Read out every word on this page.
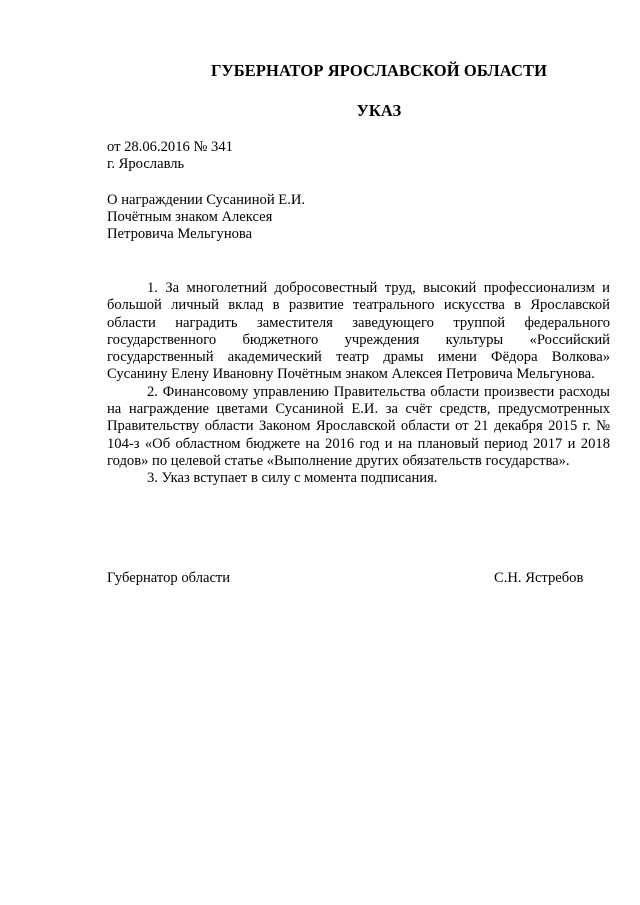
ГУБЕРНАТОР ЯРОСЛАВСКОЙ ОБЛАСТИ
УКАЗ
от 28.06.2016 № 341
г. Ярославль
О награждении Сусаниной Е.И.
Почётным знаком Алексея
Петровича Мельгунова

1. За многолетний добросовестный труд, высокий профессионализм и большой личный вклад в развитие театрального искусства в Ярославской области наградить заместителя заведующего труппой федерального государственного бюджетного учреждения культуры «Российский государственный академический театр драмы имени Фёдора Волкова» Сусанину Елену Ивановну Почётным знаком Алексея Петровича Мельгунова.

2. Финансовому управлению Правительства области произвести расходы на награждение цветами Сусаниной Е.И. за счёт средств, предусмотренных Правительству области Законом Ярославской области от 21 декабря 2015 г. № 104-з «Об областном бюджете на 2016 год и на плановый период 2017 и 2018 годов» по целевой статье «Выполнение других обязательств государства».

3. Указ вступает в силу с момента подписания.

Губернатор области	С.Н. Ястребов
